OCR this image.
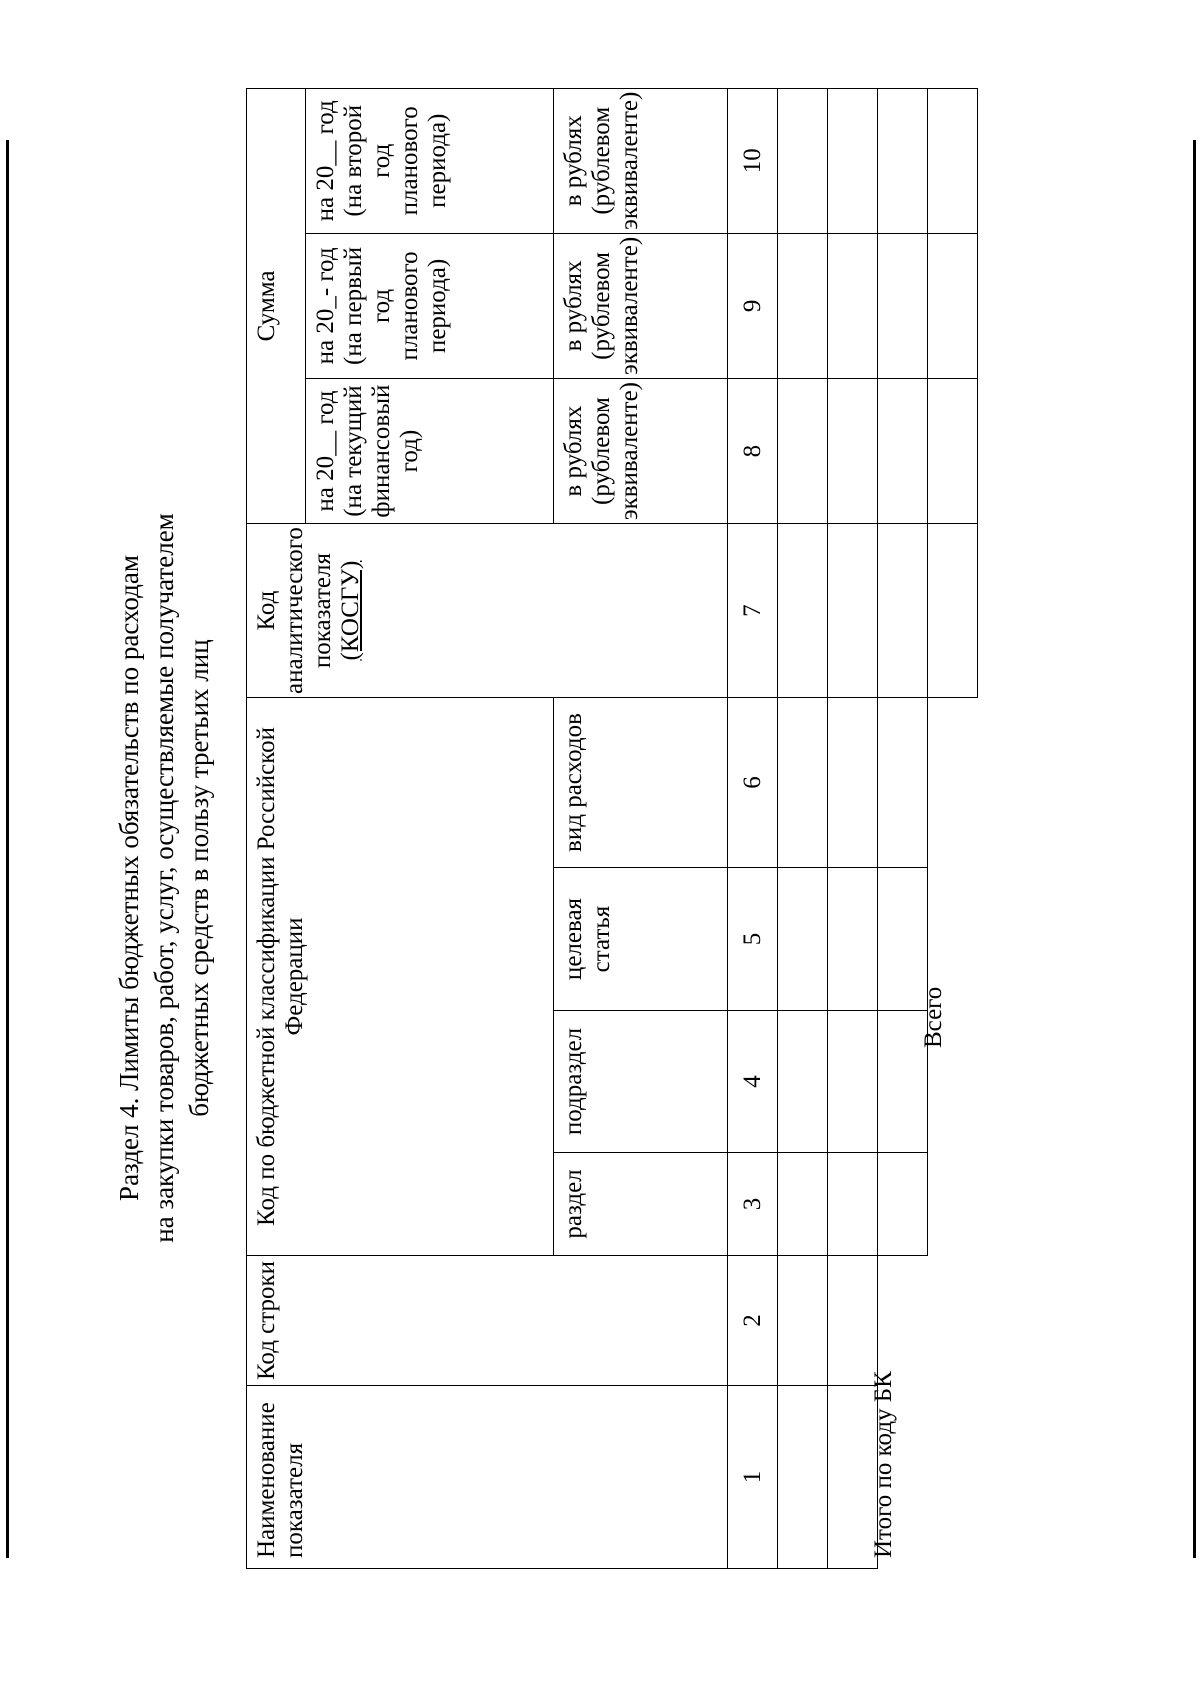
Раздел 4. Лимиты бюджетных обязательств по расходам на закупки товаров, работ, услуг, осуществляемые получателем бюджетных средств в пользу третьих лиц
Наименование показателя	Код строки	Код по бюджетной классификации Российской Федерации				Код аналитического показателя (КОСГУ)	Сумма		
							на 20__ год (на текущий финансовый год)	на 20_- год (на первый год планового периода)	на 20__ год (на второй год планового периода)
		раздел	подраздел	целевая статья	вид расходов		в рублях (рублевом эквиваленте)	в рублях (рублевом эквиваленте)	в рублях (рублевом эквиваленте)
1	2	3	4	5	6	7	8	9	10

Итого по коду БК
Всего
